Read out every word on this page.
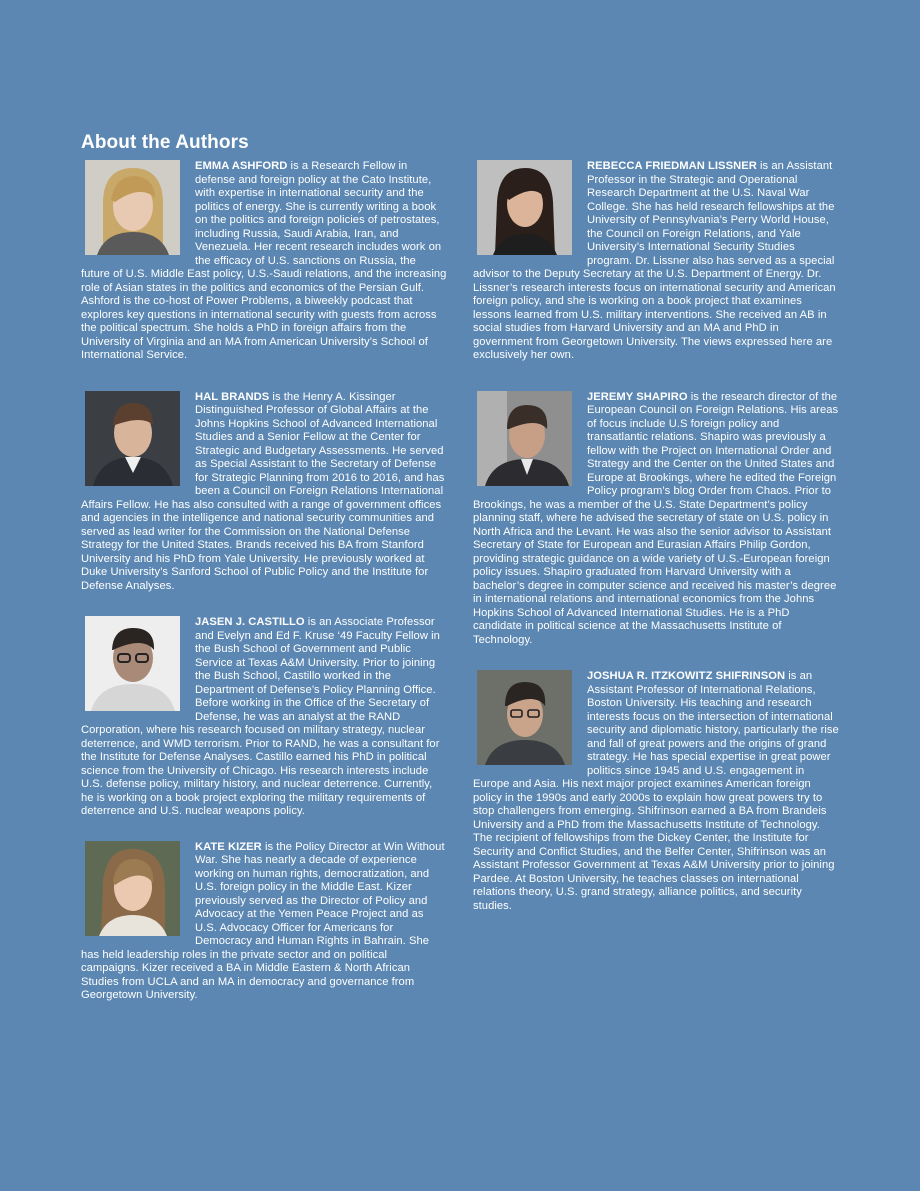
About the Authors
EMMA ASHFORD is a Research Fellow in defense and foreign policy at the Cato Institute, with expertise in international security and the politics of energy. She is currently writing a book on the politics and foreign policies of petrostates, including Russia, Saudi Arabia, Iran, and Venezuela. Her recent research includes work on the efficacy of U.S. sanctions on Russia, the future of U.S. Middle East policy, U.S.-Saudi relations, and the increasing role of Asian states in the politics and economics of the Persian Gulf. Ashford is the co-host of Power Problems, a biweekly podcast that explores key questions in international security with guests from across the political spectrum. She holds a PhD in foreign affairs from the University of Virginia and an MA from American University’s School of International Service.
HAL BRANDS is the Henry A. Kissinger Distinguished Professor of Global Affairs at the Johns Hopkins School of Advanced International Studies and a Senior Fellow at the Center for Strategic and Budgetary Assessments. He served as Special Assistant to the Secretary of Defense for Strategic Planning from 2016 to 2016, and has been a Council on Foreign Relations International Affairs Fellow. He has also consulted with a range of government offices and agencies in the intelligence and national security communities and served as lead writer for the Commission on the National Defense Strategy for the United States. Brands received his BA from Stanford University and his PhD from Yale University. He previously worked at Duke University’s Sanford School of Public Policy and the Institute for Defense Analyses.
JASEN J. CASTILLO is an Associate Professor and Evelyn and Ed F. Kruse ‘49 Faculty Fellow in the Bush School of Government and Public Service at Texas A&M University. Prior to joining the Bush School, Castillo worked in the Department of Defense’s Policy Planning Office. Before working in the Office of the Secretary of Defense, he was an analyst at the RAND Corporation, where his research focused on military strategy, nuclear deterrence, and WMD terrorism. Prior to RAND, he was a consultant for the Institute for Defense Analyses. Castillo earned his PhD in political science from the University of Chicago. His research interests include U.S. defense policy, military history, and nuclear deterrence. Currently, he is working on a book project exploring the military requirements of deterrence and U.S. nuclear weapons policy.
KATE KIZER is the Policy Director at Win Without War. She has nearly a decade of experience working on human rights, democratization, and U.S. foreign policy in the Middle East. Kizer previously served as the Director of Policy and Advocacy at the Yemen Peace Project and as U.S. Advocacy Officer for Americans for Democracy and Human Rights in Bahrain. She has held leadership roles in the private sector and on political campaigns. Kizer received a BA in Middle Eastern & North African Studies from UCLA and an MA in democracy and governance from Georgetown University.
REBECCA FRIEDMAN LISSNER is an Assistant Professor in the Strategic and Operational Research Department at the U.S. Naval War College. She has held research fellowships at the University of Pennsylvania’s Perry World House, the Council on Foreign Relations, and Yale University’s International Security Studies program. Dr. Lissner also has served as a special advisor to the Deputy Secretary at the U.S. Department of Energy. Dr. Lissner’s research interests focus on international security and American foreign policy, and she is working on a book project that examines lessons learned from U.S. military interventions. She received an AB in social studies from Harvard University and an MA and PhD in government from Georgetown University. The views expressed here are exclusively her own.
JEREMY SHAPIRO is the research director of the European Council on Foreign Relations. His areas of focus include U.S foreign policy and transatlantic relations. Shapiro was previously a fellow with the Project on International Order and Strategy and the Center on the United States and Europe at Brookings, where he edited the Foreign Policy program’s blog Order from Chaos. Prior to Brookings, he was a member of the U.S. State Department’s policy planning staff, where he advised the secretary of state on U.S. policy in North Africa and the Levant. He was also the senior advisor to Assistant Secretary of State for European and Eurasian Affairs Philip Gordon, providing strategic guidance on a wide variety of U.S.-European foreign policy issues. Shapiro graduated from Harvard University with a bachelor’s degree in computer science and received his master’s degree in international relations and international economics from the Johns Hopkins School of Advanced International Studies. He is a PhD candidate in political science at the Massachusetts Institute of Technology.
JOSHUA R. ITZKOWITZ SHIFRINSON is an Assistant Professor of International Relations, Boston University. His teaching and research interests focus on the intersection of international security and diplomatic history, particularly the rise and fall of great powers and the origins of grand strategy. He has special expertise in great power politics since 1945 and U.S. engagement in Europe and Asia. His next major project examines American foreign policy in the 1990s and early 2000s to explain how great powers try to stop challengers from emerging. Shifrinson earned a BA from Brandeis University and a PhD from the Massachusetts Institute of Technology. The recipient of fellowships from the Dickey Center, the Institute for Security and Conflict Studies, and the Belfer Center, Shifrinson was an Assistant Professor Government at Texas A&M University prior to joining Pardee. At Boston University, he teaches classes on international relations theory, U.S. grand strategy, alliance politics, and security studies.
